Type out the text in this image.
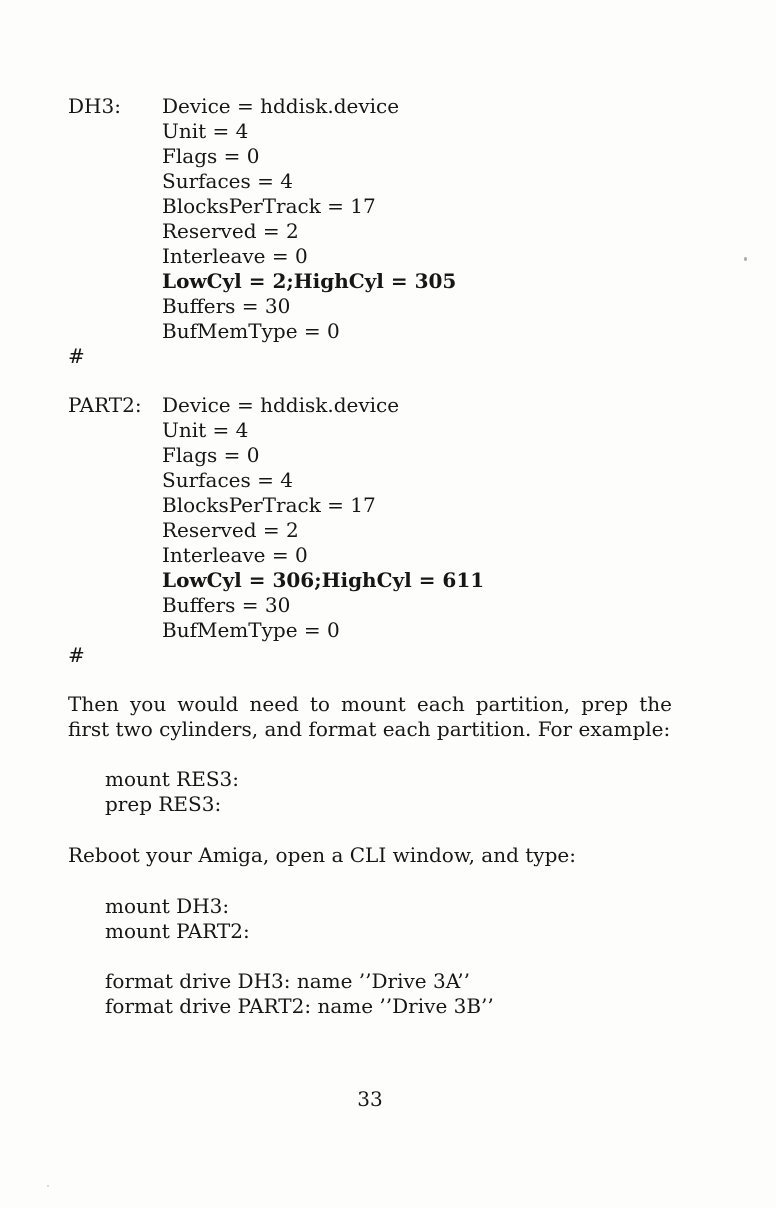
DH3:	Device = hddisk.device
Unit = 4
Flags = 0
Surfaces = 4
BlocksPerTrack = 17
Reserved = 2
Interleave = 0
LowCyl = 2;HighCyl = 305
Buffers = 30
BufMemType = 0
#
PART2:	Device = hddisk.device
Unit = 4
Flags = 0
Surfaces = 4
BlocksPerTrack = 17
Reserved = 2
Interleave = 0
LowCyl = 306;HighCyl = 611
Buffers = 30
BufMemType = 0
#

Then you would need to mount each partition, prep the first two cylinders, and format each partition. For example:

mount RES3:
prep RES3:

Reboot your Amiga, open a CLI window, and type:

mount DH3:
mount PART2:
format drive DH3: name ’’Drive 3A’’
format drive PART2: name ’’Drive 3B’’
33
